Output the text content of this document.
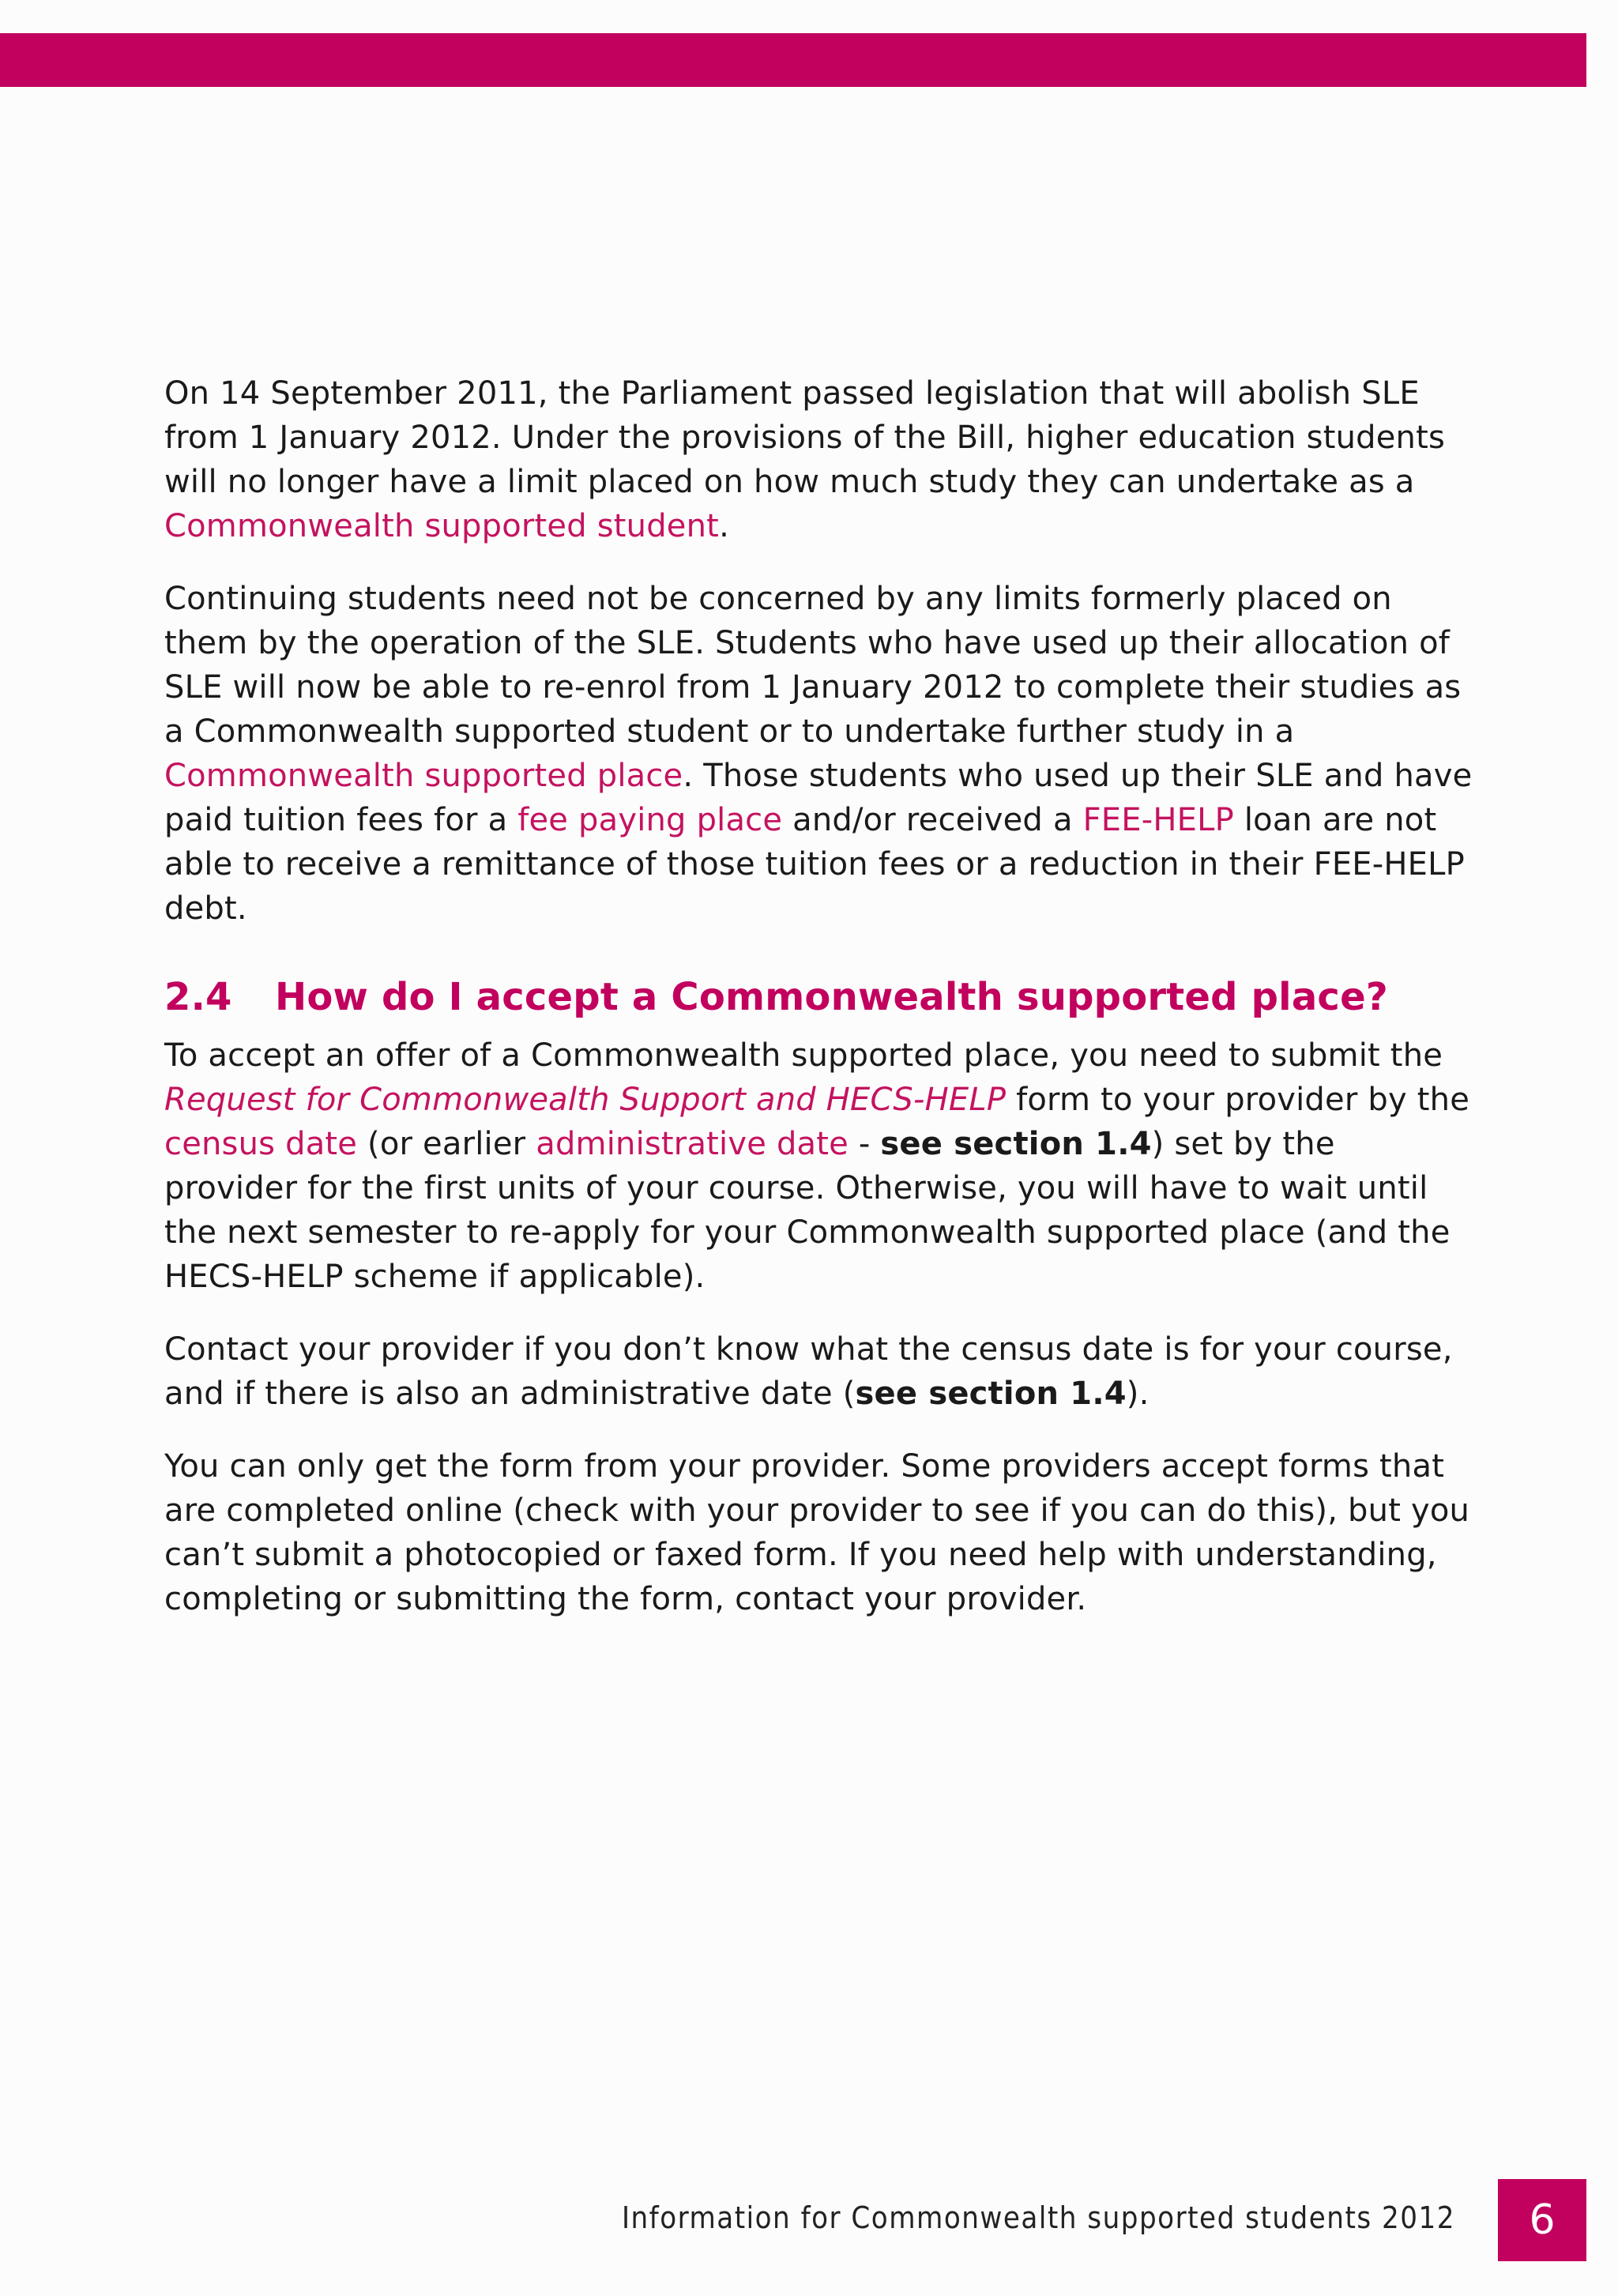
On 14 September 2011, the Parliament passed legislation that will abolish SLE from 1 January 2012. Under the provisions of the Bill, higher education students will no longer have a limit placed on how much study they can undertake as a Commonwealth supported student.

Continuing students need not be concerned by any limits formerly placed on them by the operation of the SLE. Students who have used up their allocation of SLE will now be able to re-enrol from 1 January 2012 to complete their studies as a Commonwealth supported student or to undertake further study in a Commonwealth supported place. Those students who used up their SLE and have paid tuition fees for a fee paying place and/or received a FEE-HELP loan are not able to receive a remittance of those tuition fees or a reduction in their FEE-HELP debt.

2.4 How do I accept a Commonwealth supported place?

To accept an offer of a Commonwealth supported place, you need to submit the Request for Commonwealth Support and HECS-HELP form to your provider by the census date (or earlier administrative date - see section 1.4) set by the provider for the first units of your course. Otherwise, you will have to wait until the next semester to re-apply for your Commonwealth supported place (and the HECS-HELP scheme if applicable).

Contact your provider if you don’t know what the census date is for your course, and if there is also an administrative date (see section 1.4).

You can only get the form from your provider. Some providers accept forms that are completed online (check with your provider to see if you can do this), but you can’t submit a photocopied or faxed form. If you need help with understanding, completing or submitting the form, contact your provider.

Information for Commonwealth supported students 2012	6
